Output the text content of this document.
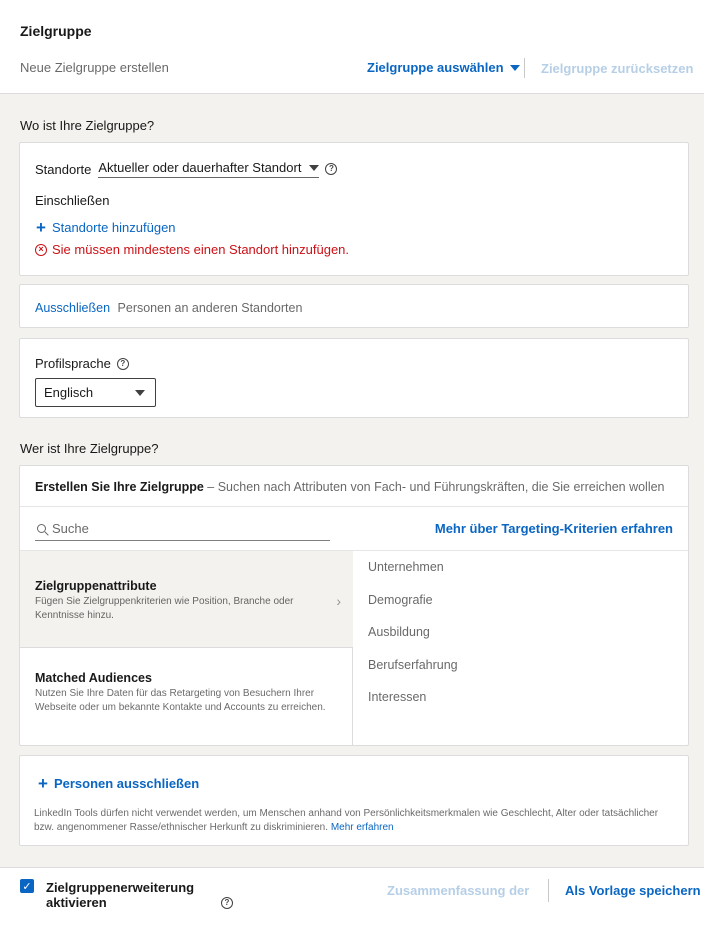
Zielgruppe
Neue Zielgruppe erstellen	Zielgruppe auswählen	Zielgruppe zurücksetzen
Wo ist Ihre Zielgruppe?
Standorte Aktueller oder dauerhafter Standort	?
Einschließen
+ Standorte hinzufügen
× Sie müssen mindestens einen Standort hinzufügen.
Ausschließen Personen an anderen Standorten
Profilsprache	?
Englisch
Wer ist Ihre Zielgruppe?
Erstellen Sie Ihre Zielgruppe – Suchen nach Attributen von Fach- und Führungskräften, die Sie erreichen wollen
Suche	Mehr über Targeting-Kriterien erfahren
Zielgruppenattribute
Fügen Sie Zielgruppenkriterien wie Position, Branche oder Kenntnisse hinzu.
›
Matched Audiences
Nutzen Sie Ihre Daten für das Retargeting von Besuchern Ihrer Webseite oder um bekannte Kontakte und Accounts zu erreichen.
Unternehmen
Demografie
Ausbildung
Berufserfahrung
Interessen
+ Personen ausschließen
LinkedIn Tools dürfen nicht verwendet werden, um Menschen anhand von Persönlichkeitsmerkmalen wie Geschlecht, Alter oder tatsächlicher bzw. angenommener Rasse/ethnischer Herkunft zu diskriminieren. Mehr erfahren
✓ Zielgruppenerweiterung aktivieren	?
Zusammenfassung der	Als Vorlage speichern
